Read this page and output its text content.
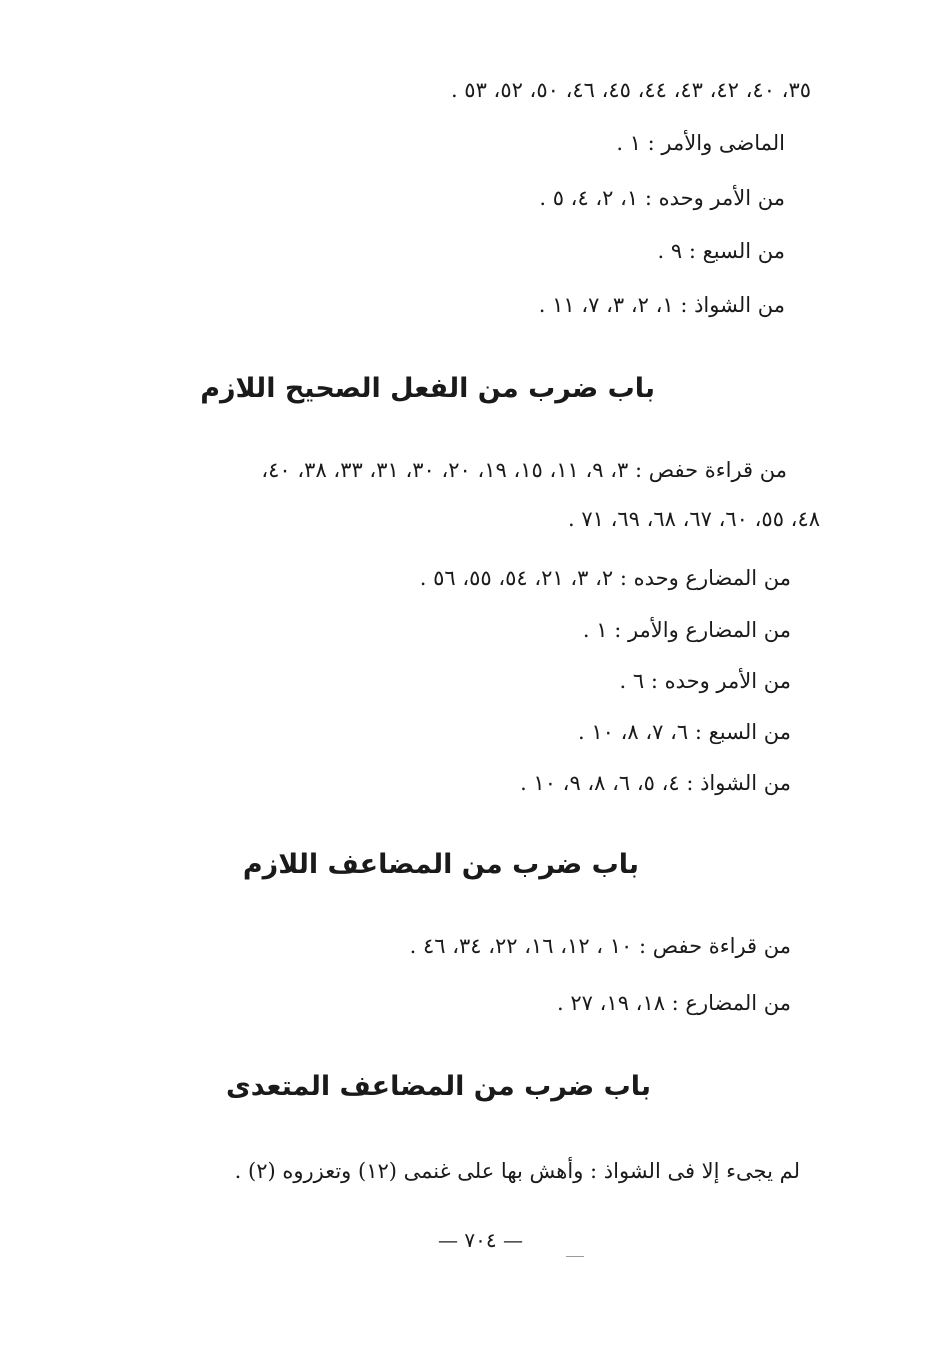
٣٥، ٤٠، ٤٢، ٤٣، ٤٤، ٤٥، ٤٦، ٥٠، ٥٢، ٥٣ .
الماضى والأمر : ١ .
من الأمر وحده : ١، ٢، ٤، ٥ .
من السبع : ٩ .
من الشواذ : ١، ٢، ٣، ٧، ١١ .
باب ضرب من الفعل الصحيح اللازم
من قراءة حفص : ٣، ٩، ١١، ١٥، ١٩، ٢٠، ٣٠، ٣١، ٣٣، ٣٨، ٤٠،
٤٨، ٥٥، ٦٠، ٦٧، ٦٨، ٦٩، ٧١ .
من المضارع وحده : ٢، ٣، ٢١، ٥٤، ٥٥، ٥٦ .
من المضارع والأمر : ١ .
من الأمر وحده : ٦ .
من السبع : ٦، ٧، ٨، ١٠ .
من الشواذ : ٤، ٥، ٦، ٨، ٩، ١٠ .
باب ضرب من المضاعف اللازم
من قراءة حفص : ١٠ ، ١٢، ١٦، ٢٢، ٣٤، ٤٦ .
من المضارع : ١٨، ١٩، ٢٧ .
باب ضرب من المضاعف المتعدى
لم يجىء إلا فى الشواذ : وأهش بها على غنمى (١٢) وتعزروه (٢) .
— ٧٠٤ —
